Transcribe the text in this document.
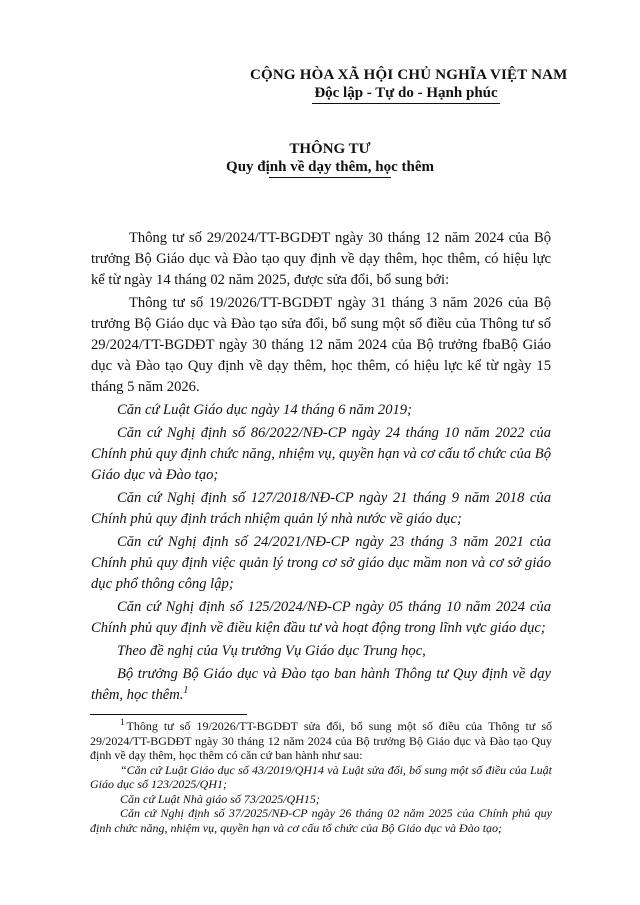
CỘNG HÒA XÃ HỘI CHỦ NGHĨA VIỆT NAM
Độc lập - Tự do - Hạnh phúc
THÔNG TƯ
Quy định về dạy thêm, học thêm

Thông tư số 29/2024/TT-BGDĐT ngày 30 tháng 12 năm 2024 của Bộ trưởng Bộ Giáo dục và Đào tạo quy định về dạy thêm, học thêm, có hiệu lực kể từ ngày 14 tháng 02 năm 2025, được sửa đổi, bổ sung bởi:

Thông tư số 19/2026/TT-BGDĐT ngày 31 tháng 3 năm 2026 của Bộ trưởng Bộ Giáo dục và Đào tạo sửa đổi, bổ sung một số điều của Thông tư số 29/2024/TT-BGDĐT ngày 30 tháng 12 năm 2024 của Bộ trưởng fbaBộ Giáo dục và Đào tạo Quy định về dạy thêm, học thêm, có hiệu lực kể từ ngày 15 tháng 5 năm 2026.

Căn cứ Luật Giáo dục ngày 14 tháng 6 năm 2019;

Căn cứ Nghị định số 86/2022/NĐ-CP ngày 24 tháng 10 năm 2022 của Chính phủ quy định chức năng, nhiệm vụ, quyền hạn và cơ cấu tổ chức của Bộ Giáo dục và Đào tạo;

Căn cứ Nghị định số 127/2018/NĐ-CP ngày 21 tháng 9 năm 2018 của Chính phủ quy định trách nhiệm quản lý nhà nước về giáo dục;

Căn cứ Nghị định số 24/2021/NĐ-CP ngày 23 tháng 3 năm 2021 của Chính phủ quy định việc quản lý trong cơ sở giáo dục mầm non và cơ sở giáo dục phổ thông công lập;

Căn cứ Nghị định số 125/2024/NĐ-CP ngày 05 tháng 10 năm 2024 của Chính phủ quy định về điều kiện đầu tư và hoạt động trong lĩnh vực giáo dục;

Theo đề nghị của Vụ trưởng Vụ Giáo dục Trung học,

Bộ trưởng Bộ Giáo dục và Đào tạo ban hành Thông tư Quy định về dạy thêm, học thêm.$^1$

$^1$ Thông tư số 19/2026/TT-BGDĐT sửa đổi, bổ sung một số điều của Thông tư số 29/2024/TT-BGDĐT ngày 30 tháng 12 năm 2024 của Bộ trưởng Bộ Giáo dục và Đào tạo Quy định về dạy thêm, học thêm có căn cứ ban hành như sau:

“Căn cứ Luật Giáo dục số 43/2019/QH14 và Luật sửa đổi, bổ sung một số điều của Luật Giáo dục số 123/2025/QH1;

Căn cứ Luật Nhà giáo số 73/2025/QH15;

Căn cứ Nghị định số 37/2025/NĐ-CP ngày 26 tháng 02 năm 2025 của Chính phủ quy định chức năng, nhiệm vụ, quyền hạn và cơ cấu tổ chức của Bộ Giáo dục và Đào tạo;
